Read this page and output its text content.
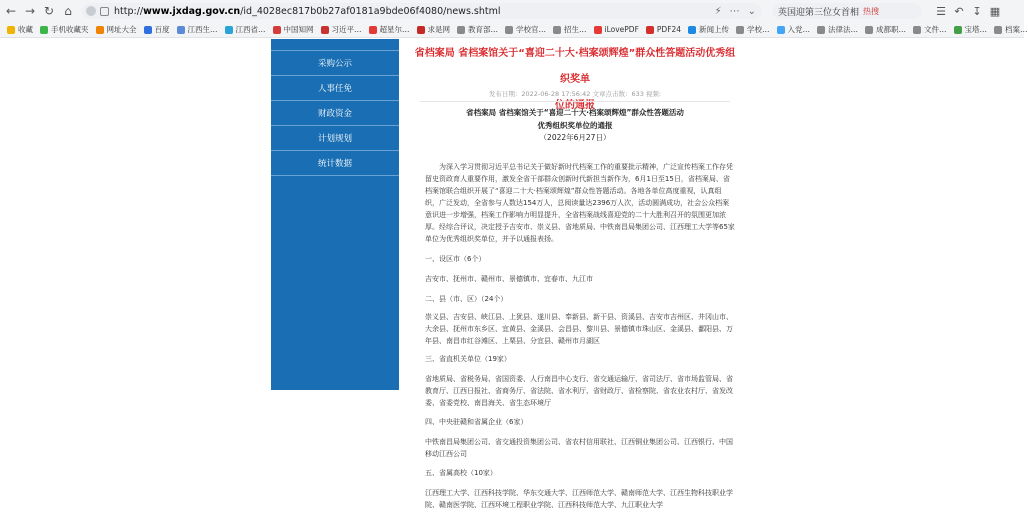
← → ↻ ⌂	http://www.jxdag.gov.cn/id_4028ec817b0b27af0181a9bde06f4080/news.shtml	⚡ ⋯ ⌄ 英国迎第三位女首相 热搜	☰ ↶ ↧ ▦
收藏 手机收藏夹 网址大全 百度 江西生… 江西省… 中国知网 习近平… 超星尔… 求是网 教育部… 学校官… 招生… iLovePDF PDF24 新闻上传 学校… 入党… 法律法… 成都职… 文件… 宝塔… 档案…
采购公示
人事任免
财政资金
计划规划
统计数据
省档案局 省档案馆关于“喜迎二十大·档案颂辉煌”群众性答题活动优秀组织奖单
位的通报
发布日期：2022-06-28 17:56:42 文章点击数：633 视频:
省档案局 省档案馆关于“喜迎二十大·档案颂辉煌”群众性答题活动
优秀组织奖单位的通报
（2022年6月27日）
为深入学习贯彻习近平总书记关于做好新时代档案工作的重要批示精神，广泛宣传档案工作存凭留史资政育人重要作用，激发全省干部群众创新时代新担当新作为，6月1日至15日，省档案局、省档案馆联合组织开展了“喜迎二十大·档案颂辉煌”群众性答题活动。各地各单位高度重视，认真组织，广泛发动，全省参与人数达154万人，总阅读量达2396万人次，活动圆满成功，社会公众档案意识进一步增强，档案工作影响力明显提升，全省档案战线喜迎党的二十大胜利召开的氛围更加浓厚。经综合评议，决定授予吉安市、崇义县、省地质局、中铁南昌局集团公司、江西理工大学等65家单位为优秀组织奖单位，并予以通报表扬。
一、设区市（6个）
吉安市、抚州市、赣州市、景德镇市、宜春市、九江市
二、县（市、区）（24个）
崇义县、吉安县、峡江县、上犹县、遂川县、奉新县、新干县、资溪县、吉安市吉州区、井冈山市、大余县、抚州市东乡区、宜黄县、金溪县、会昌县、黎川县、景德镇市珠山区、金溪县、鄱阳县、万年县、南昌市红谷滩区、上栗县、分宜县、赣州市月湖区
三、省直机关单位（19家）
省地质局、省税务局、省国资委、人行南昌中心支行、省交通运输厅、省司法厅、省市场监管局、省教育厅、江西日报社、省商务厅、省法院、省水利厅、省财政厅、省检察院、省农业农村厅、省发改委、省委党校、南昌海关、省生态环境厅
四、中央驻赣和省属企业（6家）
中铁南昌局集团公司、省交通投资集团公司、省农村信用联社、江西铜业集团公司、江西银行、中国移动江西公司
五、省属高校（10家）
江西理工大学、江西科技学院、华东交通大学、江西师范大学、赣南师范大学、江西生物科技职业学院、赣南医学院、江西环境工程职业学院、江西科技师范大学、九江职业大学
